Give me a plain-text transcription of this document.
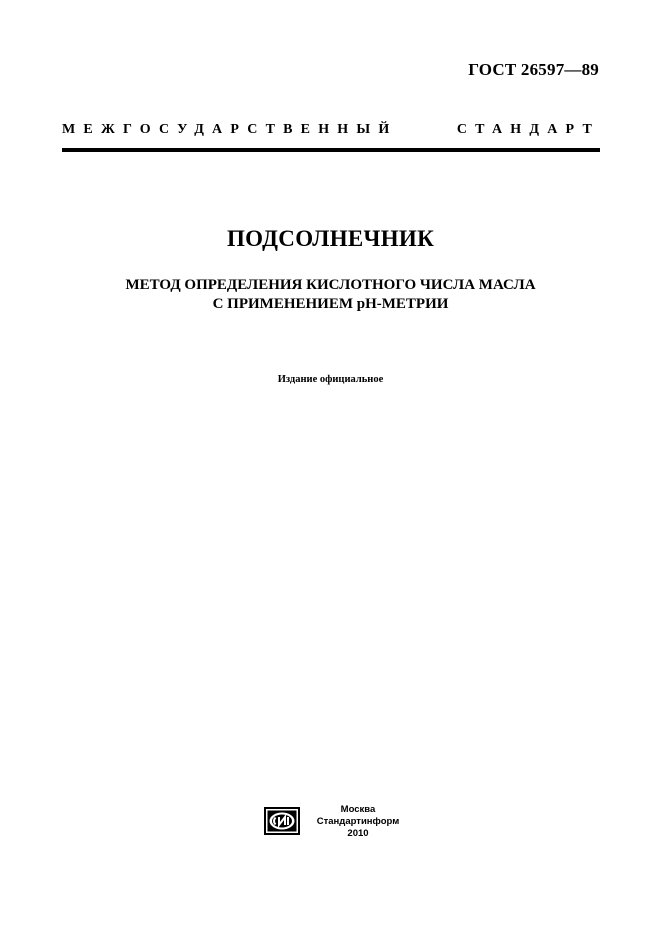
ГОСТ 26597—89
МЕЖГОСУДАРСТВЕННЫЙ	СТАНДАРТ
ПОДСОЛНЕЧНИК
МЕТОД ОПРЕДЕЛЕНИЯ КИСЛОТНОГО ЧИСЛА МАСЛА
С ПРИМЕНЕНИЕМ pH-МЕТРИИ
Издание официальное
Москва
Стандартинформ
2010
